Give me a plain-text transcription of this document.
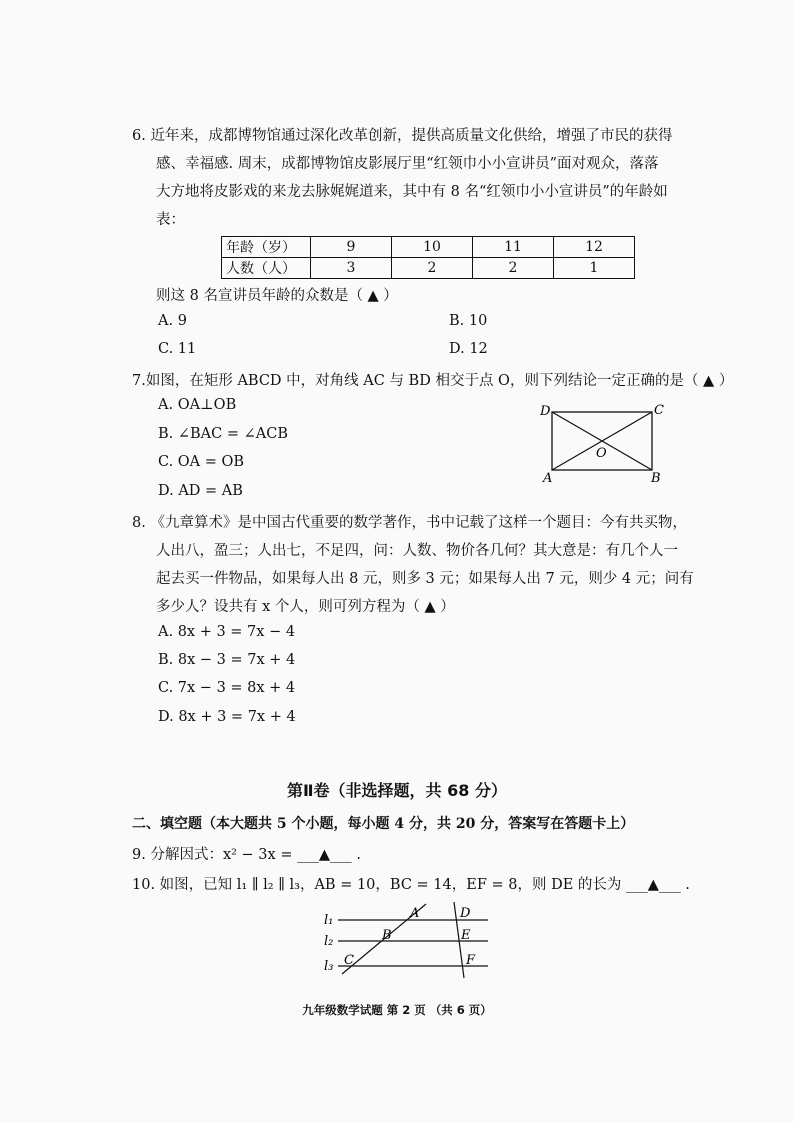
6. 近年来，成都博物馆通过深化改革创新，提供高质量文化供给，增强了市民的获得
感、幸福感. 周末，成都博物馆皮影展厅里“红领巾小小宣讲员”面对观众，落落
大方地将皮影戏的来龙去脉娓娓道来，其中有 8 名“红领巾小小宣讲员”的年龄如
表：
年龄（岁）	9	10	11	12
人数（人）	3	2	2	1
则这 8 名宣讲员年龄的众数是（ ▲ ）
A. 9	B. 10
C. 11	D. 12
7.如图，在矩形 ABCD 中，对角线 AC 与 BD 相交于点 O，则下列结论一定正确的是（ ▲ ）
A. OA⊥OB
B. ∠BAC = ∠ACB
C. OA = OB
D. AD = AB
D	C
A	B
O
8. 《九章算术》是中国古代重要的数学著作，书中记载了这样一个题目：今有共买物，
人出八，盈三；人出七，不足四，问：人数、物价各几何？其大意是：有几个人一
起去买一件物品，如果每人出 8 元，则多 3 元；如果每人出 7 元，则少 4 元；问有
多少人？设共有 x 个人，则可列方程为（ ▲ ）
A. 8x + 3 = 7x − 4
B. 8x − 3 = 7x + 4
C. 7x − 3 = 8x + 4
D. 8x + 3 = 7x + 4
第Ⅱ卷（非选择题，共 68 分）
二、填空题（本大题共 5 个小题，每小题 4 分，共 20 分，答案写在答题卡上）
9. 分解因式：x² − 3x = ___▲___ .
10. 如图，已知 l₁ ∥ l₂ ∥ l₃，AB = 10，BC = 14，EF = 8，则 DE 的长为 ___▲___ .
l₁
l₂
l₃
A
B
C
D
E
F
九年级数学试题 第 2 页 （共 6 页）
